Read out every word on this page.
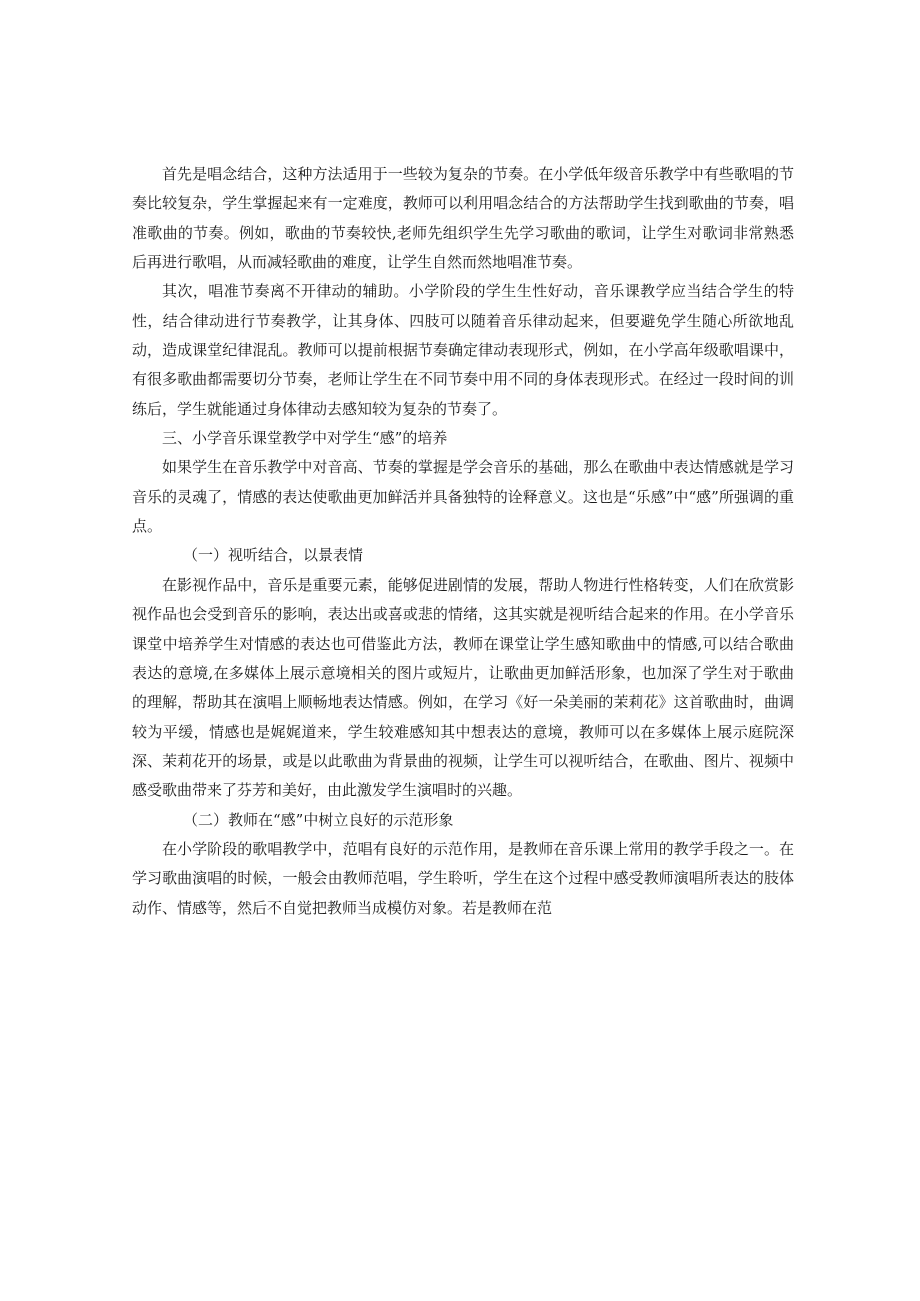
首先是唱念结合，这种方法适用于一些较为复杂的节奏。在小学低年级音乐教学中有些歌唱的节奏比较复杂，学生掌握起来有一定难度，教师可以利用唱念结合的方法帮助学生找到歌曲的节奏，唱准歌曲的节奏。例如，歌曲的节奏较快,老师先组织学生先学习歌曲的歌词，让学生对歌词非常熟悉后再进行歌唱，从而减轻歌曲的难度，让学生自然而然地唱准节奏。

其次，唱准节奏离不开律动的辅助。小学阶段的学生生性好动，音乐课教学应当结合学生的特性，结合律动进行节奏教学，让其身体、四肢可以随着音乐律动起来，但要避免学生随心所欲地乱动，造成课堂纪律混乱。教师可以提前根据节奏确定律动表现形式，例如，在小学高年级歌唱课中，有很多歌曲都需要切分节奏，老师让学生在不同节奏中用不同的身体表现形式。在经过一段时间的训练后，学生就能通过身体律动去感知较为复杂的节奏了。

三、小学音乐课堂教学中对学生“感”的培养

如果学生在音乐教学中对音高、节奏的掌握是学会音乐的基础，那么在歌曲中表达情感就是学习音乐的灵魂了，情感的表达使歌曲更加鲜活并具备独特的诠释意义。这也是“乐感”中“感”所强调的重点。

（一）视听结合，以景表情

在影视作品中，音乐是重要元素，能够促进剧情的发展，帮助人物进行性格转变，人们在欣赏影视作品也会受到音乐的影响，表达出或喜或悲的情绪，这其实就是视听结合起来的作用。在小学音乐课堂中培养学生对情感的表达也可借鉴此方法，教师在课堂让学生感知歌曲中的情感,可以结合歌曲表达的意境,在多媒体上展示意境相关的图片或短片，让歌曲更加鲜活形象，也加深了学生对于歌曲的理解，帮助其在演唱上顺畅地表达情感。例如，在学习《好一朵美丽的茉莉花》这首歌曲时，曲调较为平缓，情感也是娓娓道来，学生较难感知其中想表达的意境，教师可以在多媒体上展示庭院深深、茉莉花开的场景，或是以此歌曲为背景曲的视频，让学生可以视听结合，在歌曲、图片、视频中感受歌曲带来了芬芳和美好，由此激发学生演唱时的兴趣。

（二）教师在“感”中树立良好的示范形象

在小学阶段的歌唱教学中，范唱有良好的示范作用，是教师在音乐课上常用的教学手段之一。在学习歌曲演唱的时候，一般会由教师范唱，学生聆听，学生在这个过程中感受教师演唱所表达的肢体动作、情感等，然后不自觉把教师当成模仿对象。若是教师在范
